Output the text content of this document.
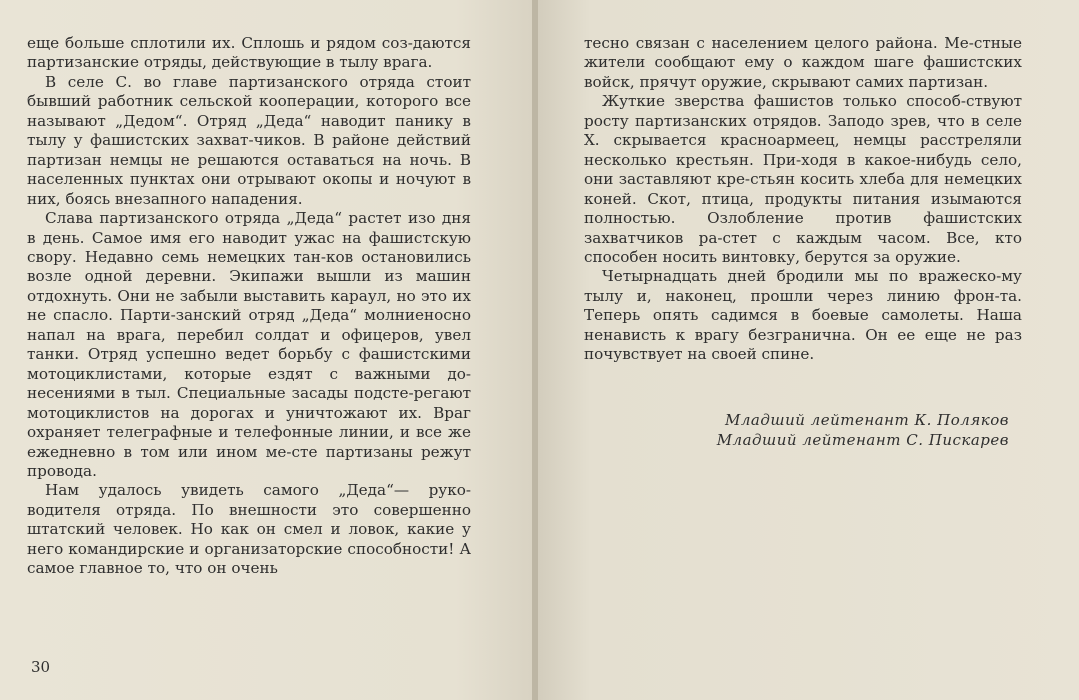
еще больше сплотили их. Сплошь и рядом соз-даются партизанские отряды, действующие в тылу врага.

В селе С. во главе партизанского отряда стоит бывший работник сельской кооперации, которого все называют „Дедом“. Отряд „Деда“ наводит панику в тылу у фашистских захват-чиков. В районе действий партизан немцы не решаются оставаться на ночь. В населенных пунктах они отрывают окопы и ночуют в них, боясь внезапного нападения.

Слава партизанского отряда „Деда“ растет изо дня в день. Самое имя его наводит ужас на фашистскую свору. Недавно семь немецких тан-ков остановились возле одной деревни. Экипажи вышли из машин отдохнуть. Они не забыли выставить караул, но это их не спасло. Парти-занский отряд „Деда“ молниеносно напал на врага, перебил солдат и офицеров, увел танки. Отряд успешно ведет борьбу с фашистскими мотоциклистами, которые ездят с важными до-несениями в тыл. Специальные засады подсте-регают мотоциклистов на дорогах и уничтожают их. Враг охраняет телеграфные и телефонные линии, и все же ежедневно в том или ином ме-сте партизаны режут провода.

Нам удалось увидеть самого „Деда“— руко-водителя отряда. По внешности это совершенно штатский человек. Но как он смел и ловок, какие у него командирские и организаторские способности! А самое главное то, что он очень

30

тесно связан с населением целого района. Ме-стные жители сообщают ему о каждом шаге фашистских войск, прячут оружие, скрывают самих партизан.

Жуткие зверства фашистов только способ-ствуют росту партизанских отрядов. Заподо зрев, что в селе Х. скрывается красноармеец, немцы расстреляли несколько крестьян. При-ходя в какое-нибудь село, они заставляют кре-стьян косить хлеба для немецких коней. Скот, птица, продукты питания изымаются полностью. Озлобление против фашистских захватчиков ра-стет с каждым часом. Все, кто способен носить винтовку, берутся за оружие.

Четырнадцать дней бродили мы по вражеско-му тылу и, наконец, прошли через линию фрон-та. Теперь опять садимся в боевые самолеты. Наша ненависть к врагу безгранична. Он ее еще не раз почувствует на своей спине.

Младший лейтенант К. Поляков
Младший лейтенант С. Пискарев
